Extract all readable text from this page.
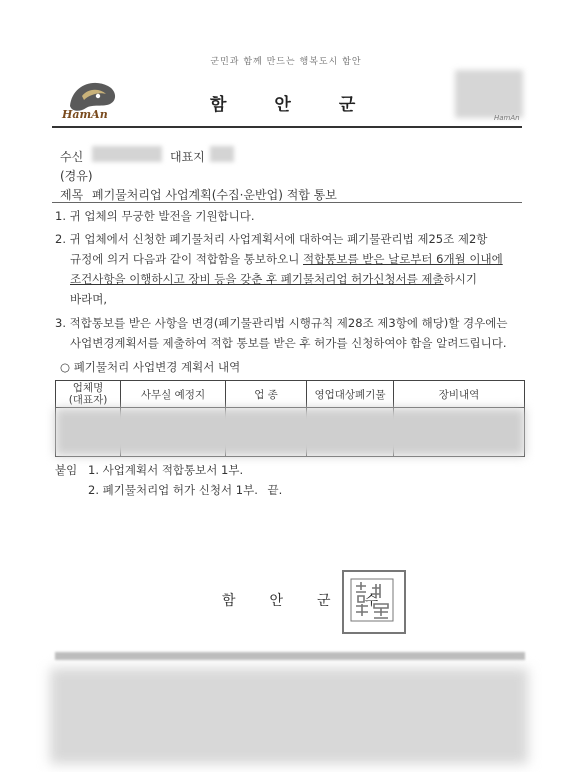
군민과 함께 만드는 행복도시 함안
HamAn	함안군
HamAn
수신	대표지
(경유)
제목 폐기물처리업 사업계획(수집·운반업) 적합 통보
1. 귀 업체의 무궁한 발전을 기원합니다.
2. 귀 업체에서 신청한 폐기물처리 사업계획서에 대하여는 폐기물관리법 제25조 제2항
규정에 의거 다음과 같이 적합함을 통보하오니 적합통보를 받은 날로부터 6개월 이내에
조건사항을 이행하시고 장비 등을 갖춘 후 폐기물처리업 허가신청서를 제출하시기
바라며,
3. 적합통보를 받은 사항을 변경(폐기물관리법 시행규칙 제28조 제3항에 해당)할 경우에는
사업변경계획서를 제출하여 적합 통보를 받은 후 허가를 신청하여야 함을 알려드립니다.
○ 폐기물처리 사업변경 계획서 내역
업체명
(대표자)	사무실 예정지	업 종	영업대상폐기물	장비내역

붙임 1. 사업계획서 적합통보서 1부.
2. 폐기물처리업 허가 신청서 1부. 끝.
함안군수
